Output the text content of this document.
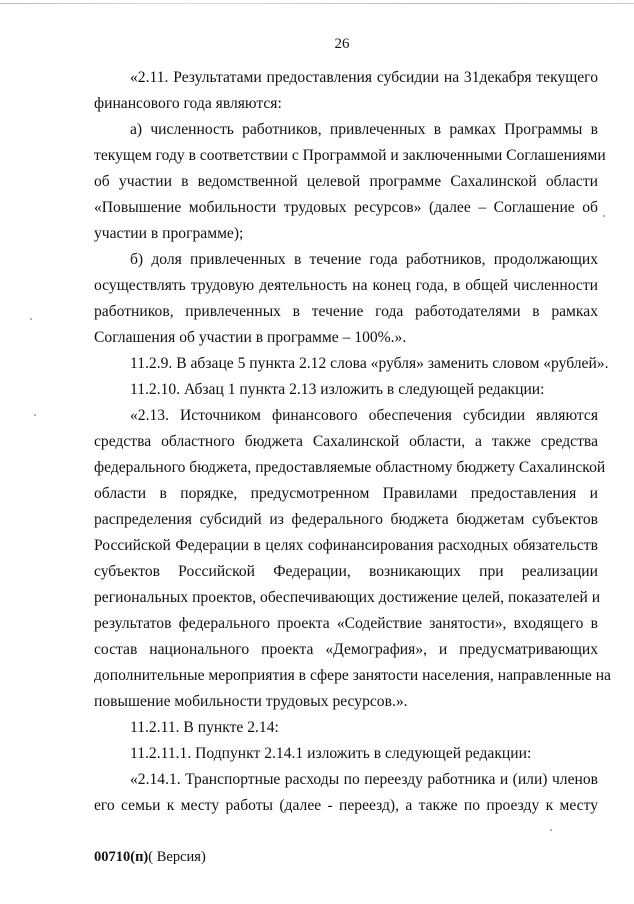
26
«2.11. Результатами предоставления субсидии на 31декабря текущего
финансового года являются:
а) численность работников, привлеченных в рамках Программы в
текущем году в соответствии с Программой и заключенными Соглашениями
об участии в ведомственной целевой программе Сахалинской области
«Повышение мобильности трудовых ресурсов» (далее – Соглашение об
участии в программе);
б) доля привлеченных в течение года работников, продолжающих
осуществлять трудовую деятельность на конец года, в общей численности
работников, привлеченных в течение года работодателями в рамках
Соглашения об участии в программе – 100%.».
11.2.9. В абзаце 5 пункта 2.12 слова «рубля» заменить словом «рублей».
11.2.10. Абзац 1 пункта 2.13 изложить в следующей редакции:
«2.13. Источником финансового обеспечения субсидии являются
средства областного бюджета Сахалинской области, а также средства
федерального бюджета, предоставляемые областному бюджету Сахалинской
области в порядке, предусмотренном Правилами предоставления и
распределения субсидий из федерального бюджета бюджетам субъектов
Российской Федерации в целях софинансирования расходных обязательств
субъектов Российской Федерации, возникающих при реализации
региональных проектов, обеспечивающих достижение целей, показателей и
результатов федерального проекта «Содействие занятости», входящего в
состав национального проекта «Демография», и предусматривающих
дополнительные мероприятия в сфере занятости населения, направленные на
повышение мобильности трудовых ресурсов.».
11.2.11. В пункте 2.14:
11.2.11.1. Подпункт 2.14.1 изложить в следующей редакции:
«2.14.1. Транспортные расходы по переезду работника и (или) членов
его семьи к месту работы (далее - переезд), а также по проезду к месту
00710(п)( Версия)
